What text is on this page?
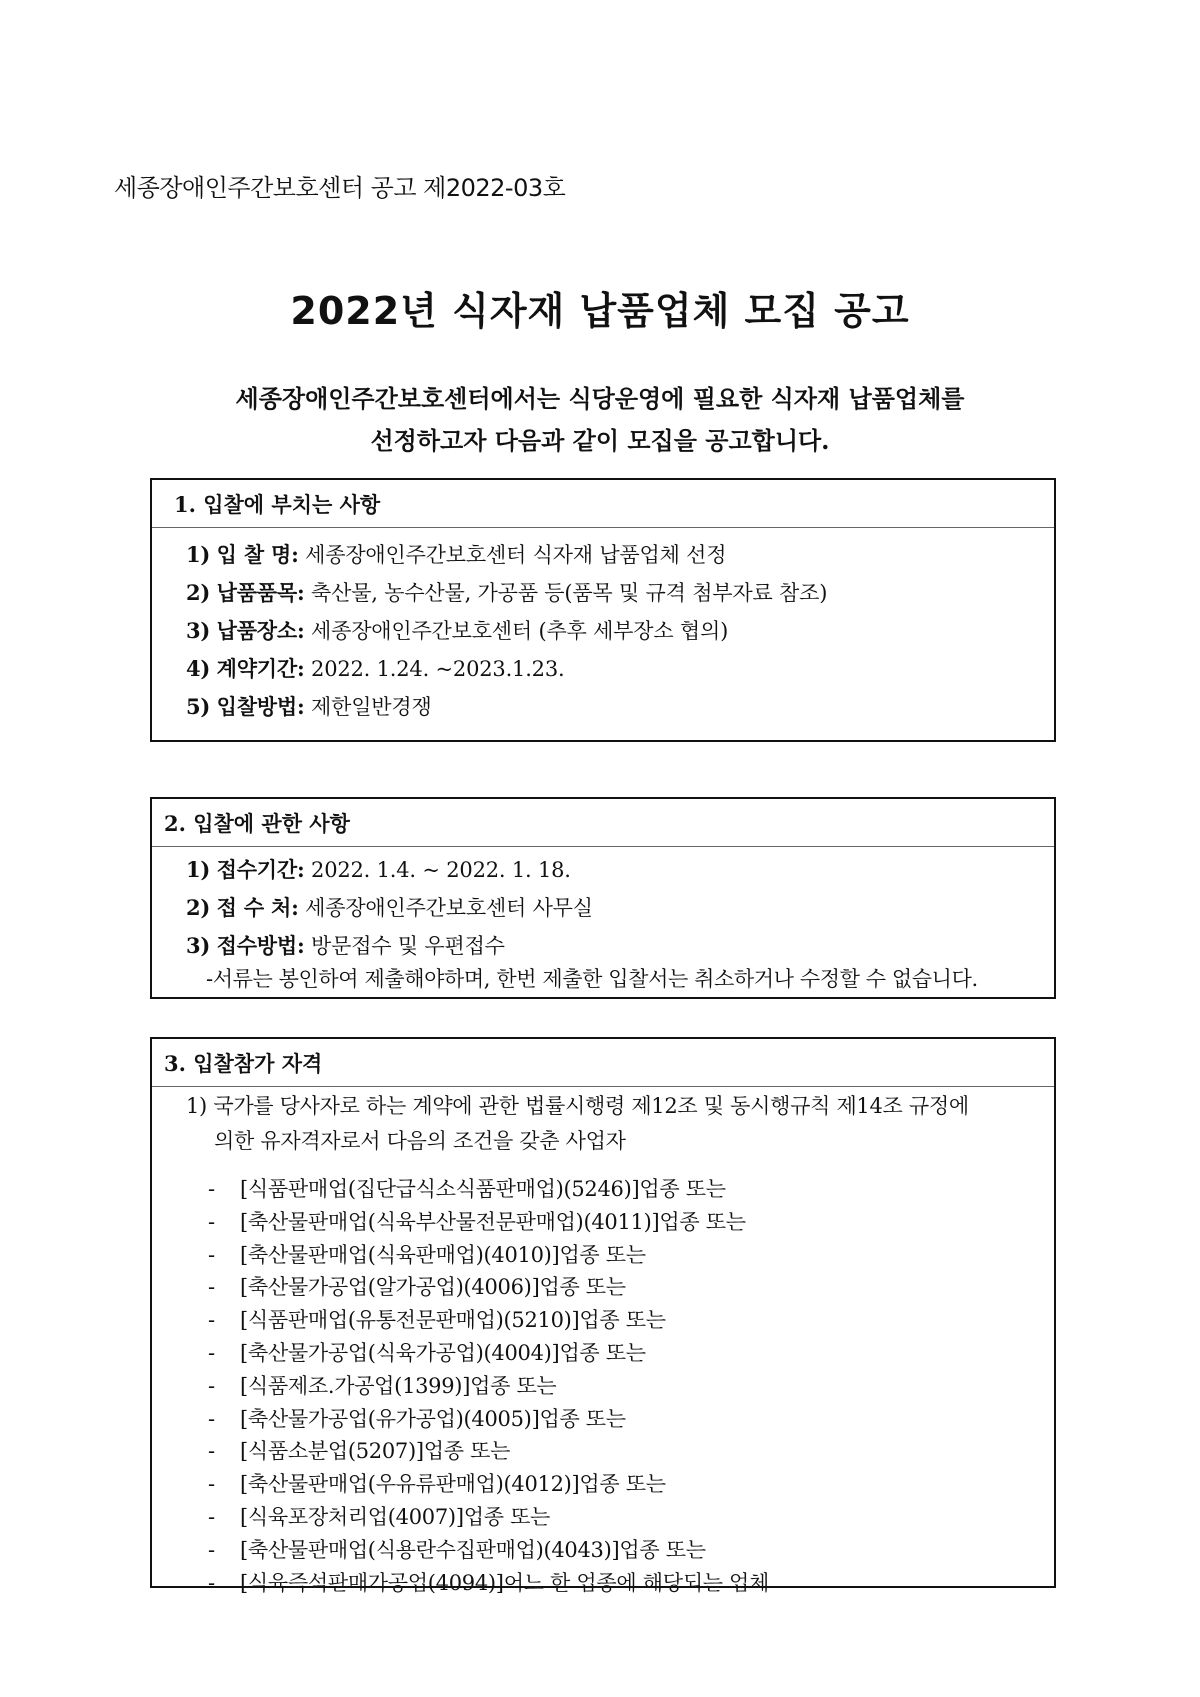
세종장애인주간보호센터 공고 제2022-03호
2022년 식자재 납품업체 모집 공고
세종장애인주간보호센터에서는 식당운영에 필요한 식자재 납품업체를
선정하고자 다음과 같이 모집을 공고합니다.
1. 입찰에 부치는 사항
1) 입 찰 명: 세종장애인주간보호센터 식자재 납품업체 선정
2) 납품품목: 축산물, 농수산물, 가공품 등(품목 및 규격 첨부자료 참조)
3) 납품장소: 세종장애인주간보호센터 (추후 세부장소 협의)
4) 계약기간: 2022. 1.24. ~2023.1.23.
5) 입찰방법: 제한일반경쟁
2. 입찰에 관한 사항
1) 접수기간: 2022. 1.4. ~ 2022. 1. 18.
2) 접 수 처: 세종장애인주간보호센터 사무실
3) 접수방법: 방문접수 및 우편접수
-서류는 봉인하여 제출해야하며, 한번 제출한 입찰서는 취소하거나 수정할 수 없습니다.
3. 입찰참가 자격
1) 국가를 당사자로 하는 계약에 관한 법률시행령 제12조 및 동시행규칙 제14조 규정에
의한 유자격자로서 다음의 조건을 갖춘 사업자
- [식품판매업(집단급식소식품판매업)(5246)]업종 또는
- [축산물판매업(식육부산물전문판매업)(4011)]업종 또는
- [축산물판매업(식육판매업)(4010)]업종 또는
- [축산물가공업(알가공업)(4006)]업종 또는
- [식품판매업(유통전문판매업)(5210)]업종 또는
- [축산물가공업(식육가공업)(4004)]업종 또는
- [식품제조.가공업(1399)]업종 또는
- [축산물가공업(유가공업)(4005)]업종 또는
- [식품소분업(5207)]업종 또는
- [축산물판매업(우유류판매업)(4012)]업종 또는
- [식육포장처리업(4007)]업종 또는
- [축산물판매업(식용란수집판매업)(4043)]업종 또는
- [식육즉석판매가공업(4094)]어느 한 업종에 해당되는 업체
